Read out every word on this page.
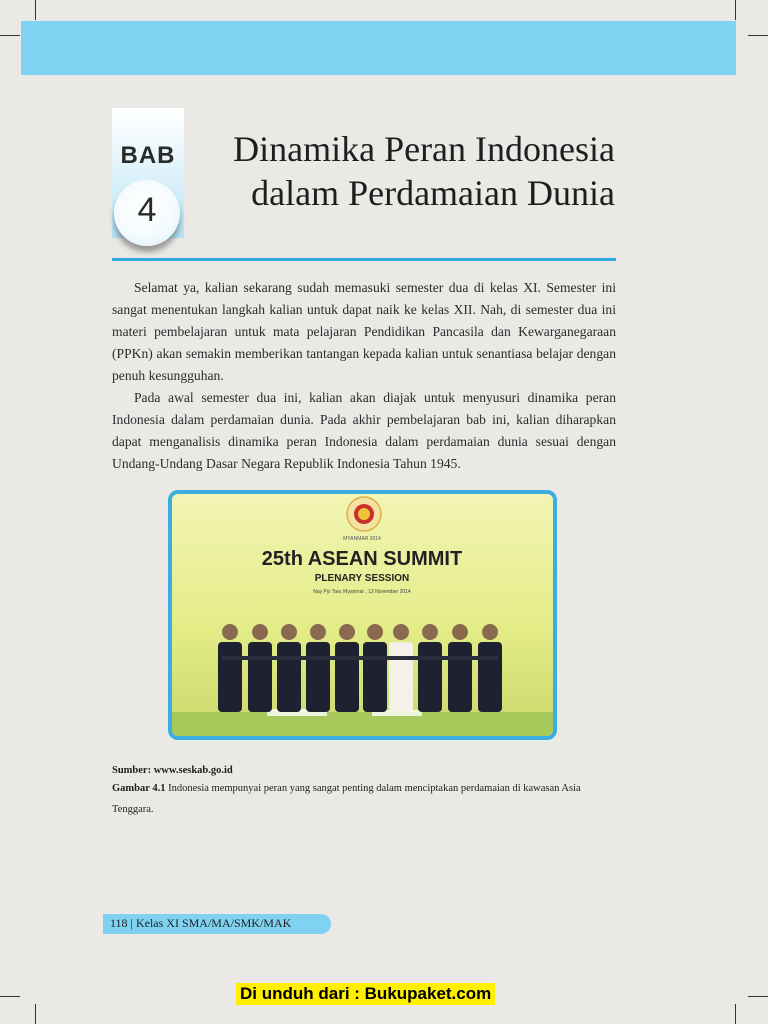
BAB
4
Dinamika Peran Indonesia
dalam Perdamaian Dunia

Selamat ya, kalian sekarang sudah memasuki semester dua di kelas XI. Semester ini sangat menentukan langkah kalian untuk dapat naik ke kelas XII. Nah, di semester dua ini materi pembelajaran untuk mata pelajaran Pendidikan Pancasila dan Kewarganegaraan (PPKn) akan semakin memberikan tantangan kepada kalian untuk senantiasa belajar dengan penuh kesungguhan.

Pada awal semester dua ini, kalian akan diajak untuk menyusuri dinamika peran Indonesia dalam perdamaian dunia. Pada akhir pembelajaran bab ini, kalian diharapkan dapat menganalisis dinamika peran Indonesia dalam perdamaian dunia sesuai dengan Undang-Undang Dasar Negara Republik Indonesia Tahun 1945.

MYANMAR 2014
25th ASEAN SUMMIT
PLENARY SESSION
Nay Pyi Taw, Myanmar , 12 November 2014
Sumber: www.seskab.go.id
Gambar 4.1 Indonesia mempunyai peran yang sangat penting dalam menciptakan perdamaian di kawasan Asia Tenggara.
118 | Kelas XI SMA/MA/SMK/MAK
Di unduh dari : Bukupaket.com
